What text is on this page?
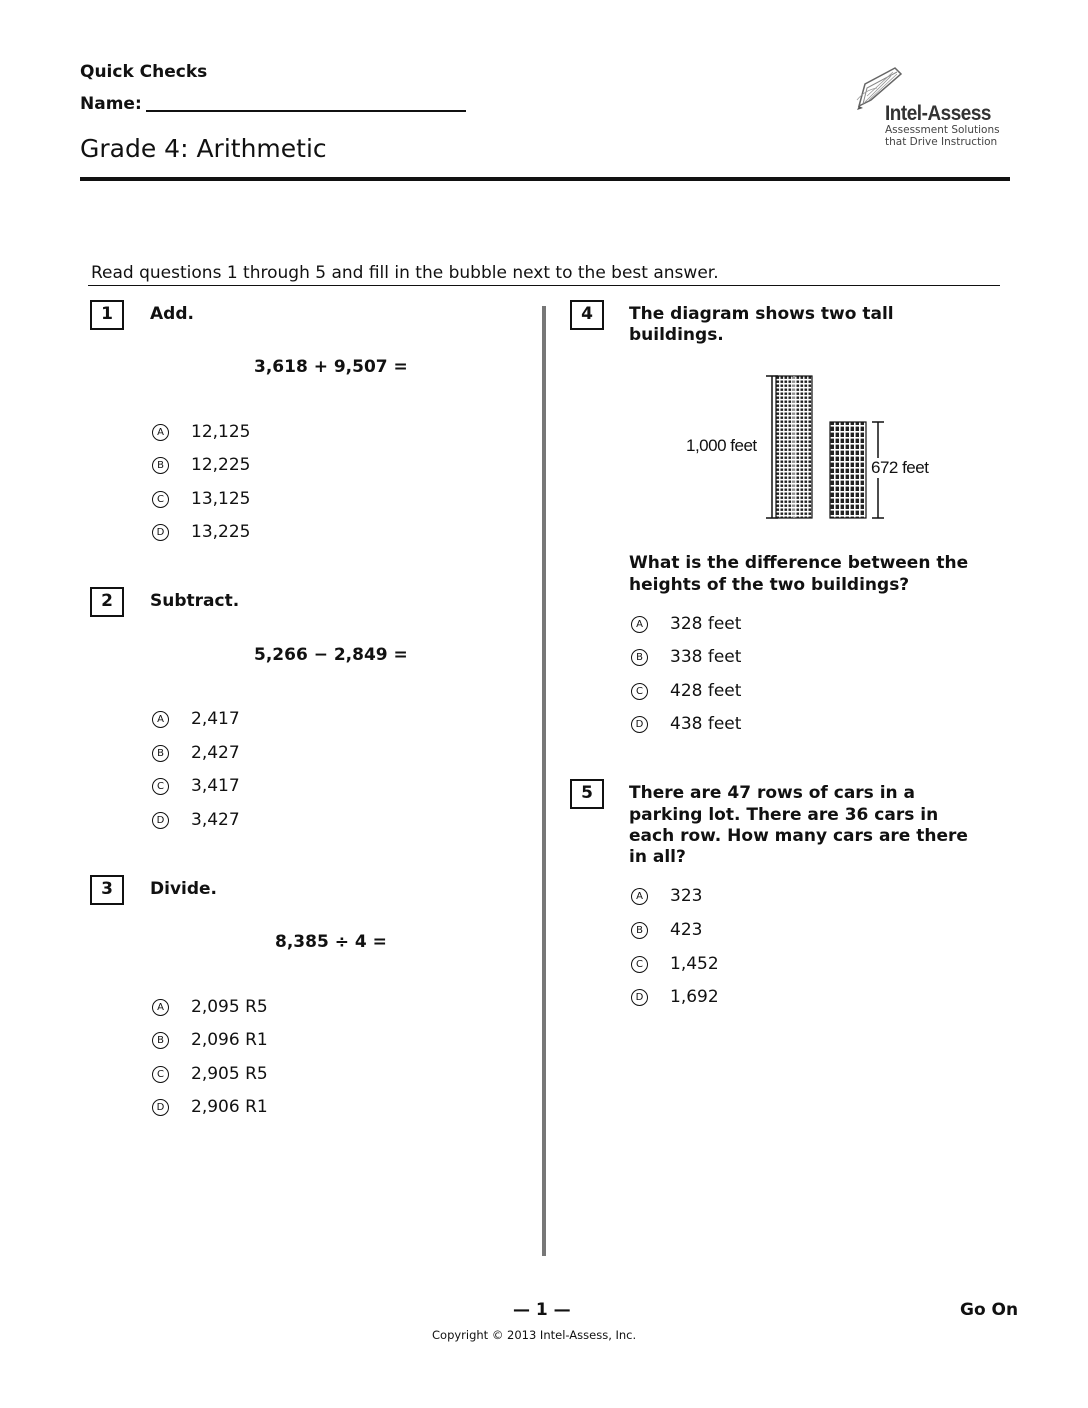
Quick Checks
Name:
Grade 4: Arithmetic
Intel-Assess
Assessment Solutions
that Drive Instruction
Read questions 1 through 5 and fill in the bubble next to the best answer.
1	Add.
3,618 + 9,507 =
A 12,125
B 12,225
C 13,125
D 13,225
2	Subtract.
5,266 − 2,849 =
A 2,417
B 2,427
C 3,417
D 3,427
3	Divide.
8,385 ÷ 4 =
A 2,095 R5
B 2,096 R1
C 2,905 R5
D 2,906 R1
4	The diagram shows two tall
buildings.
1,000 feet
672 feet
What is the difference between the
heights of the two buildings?
A 328 feet
B 338 feet
C 428 feet
D 438 feet
5	There are 47 rows of cars in a
parking lot. There are 36 cars in
each row. How many cars are there
in all?
A 323
B 423
C 1,452
D 1,692
— 1 —	Go On
Copyright © 2013 Intel-Assess, Inc.
